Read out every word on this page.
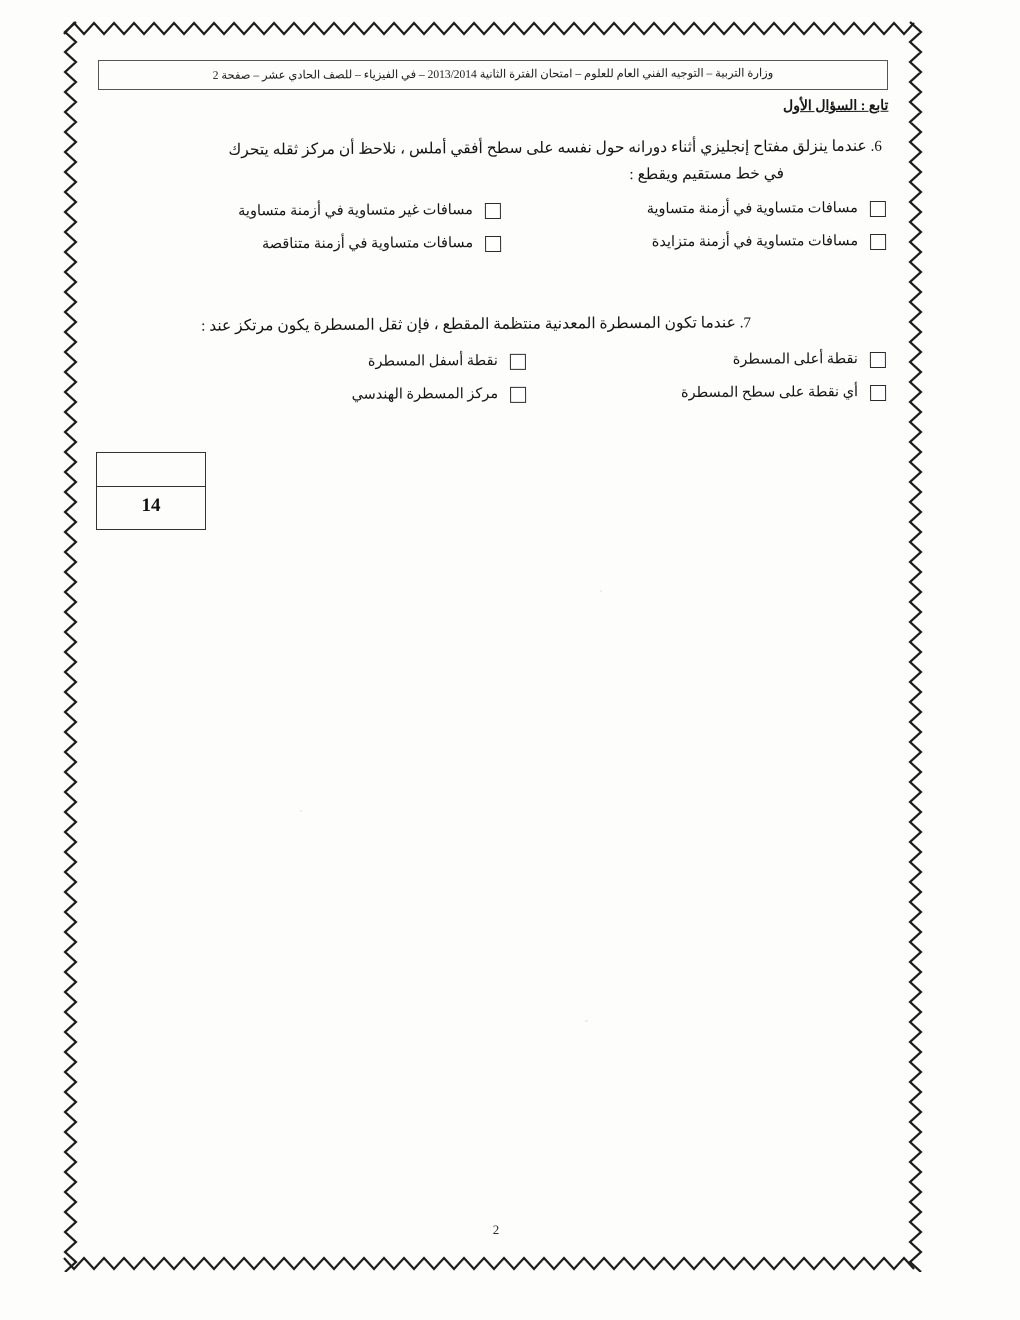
وزارة التربية – التوجيه الفني العام للعلوم – امتحان الفترة الثانية 2013/2014 – في الفيزياء – للصف الحادي عشر – صفحة 2
تابع : السؤال الأول
6. عندما ينزلق مفتاح إنجليزي أثناء دورانه حول نفسه على سطح أفقي أملس ، نلاحظ أن مركز ثقله يتحرك
في خط مستقيم ويقطع :
مسافات متساوية في أزمنة متساوية
مسافات غير متساوية في أزمنة متساوية
مسافات متساوية في أزمنة متزايدة
مسافات متساوية في أزمنة متناقصة
7. عندما تكون المسطرة المعدنية منتظمة المقطع ، فإن ثقل المسطرة يكون مرتكز عند :
نقطة أعلى المسطرة
نقطة أسفل المسطرة
أي نقطة على سطح المسطرة
مركز المسطرة الهندسي
14
2
